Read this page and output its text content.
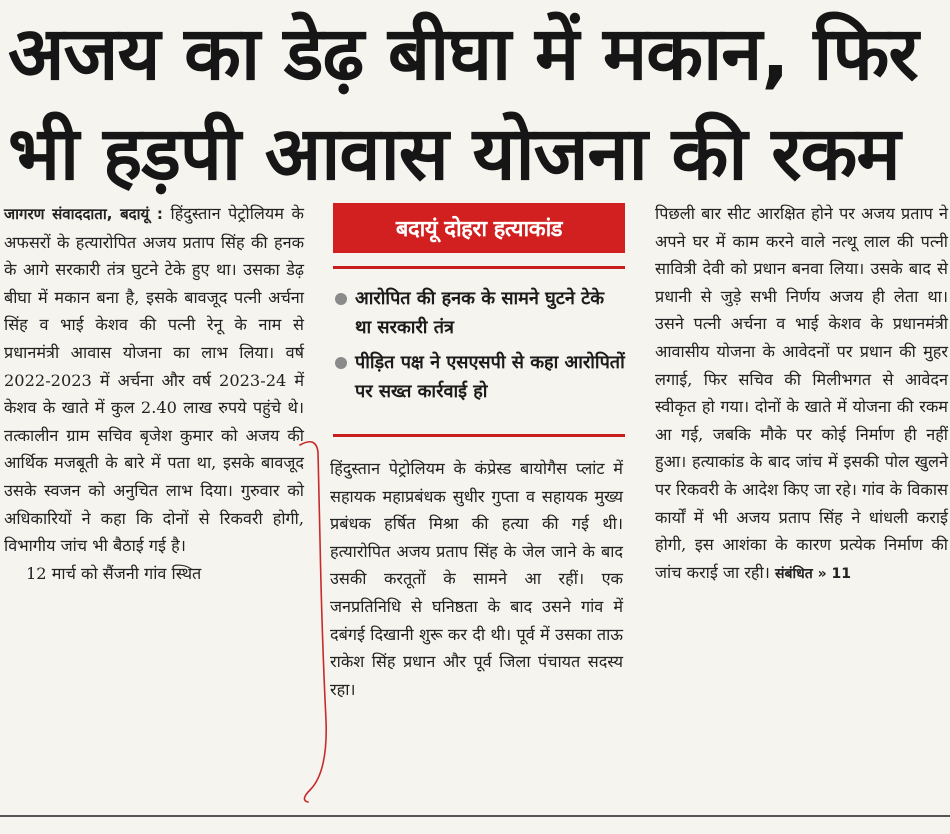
अजय का डेढ़ बीघा में मकान, फिर
भी हड़पी आवास योजना की रकम

जागरण संवाददाता, बदायूं : हिंदुस्तान पेट्रोलियम के अफसरों के हत्यारोपित अजय प्रताप सिंह की हनक के आगे सरकारी तंत्र घुटने टेके हुए था। उसका डेढ़ बीघा में मकान बना है, इसके बावजूद पत्नी अर्चना सिंह व भाई केशव की पत्नी रेनू के नाम से प्रधानमंत्री आवास योजना का लाभ लिया। वर्ष 2022-2023 में अर्चना और वर्ष 2023-24 में केशव के खाते में कुल 2.40 लाख रुपये पहुंचे थे। तत्कालीन ग्राम सचिव बृजेश कुमार को अजय की आर्थिक मजबूती के बारे में पता था, इसके बावजूद उसके स्वजन को अनुचित लाभ दिया। गुरुवार को अधिकारियों ने कहा कि दोनों से रिकवरी होगी, विभागीय जांच भी बैठाई गई है।

12 मार्च को सैंजनी गांव स्थित

बदायूं दोहरा हत्याकांड
आरोपित की हनक के सामने घुटने टेके था सरकारी तंत्र
पीड़ित पक्ष ने एसएसपी से कहा आरोपितों पर सख्त कार्रवाई हो

हिंदुस्तान पेट्रोलियम के कंप्रेस्ड बायोगैस प्लांट में सहायक महाप्रबंधक सुधीर गुप्ता व सहायक मुख्य प्रबंधक हर्षित मिश्रा की हत्या की गई थी। हत्यारोपित अजय प्रताप सिंह के जेल जाने के बाद उसकी करतूतों के सामने आ रहीं। एक जनप्रतिनिधि से घनिष्ठता के बाद उसने गांव में दबंगई दिखानी शुरू कर दी थी। पूर्व में उसका ताऊ राकेश सिंह प्रधान और पूर्व जिला पंचायत सदस्य रहा।

पिछली बार सीट आरक्षित होने पर अजय प्रताप ने अपने घर में काम करने वाले नत्थू लाल की पत्नी सावित्री देवी को प्रधान बनवा लिया। उसके बाद से प्रधानी से जुड़े सभी निर्णय अजय ही लेता था। उसने पत्नी अर्चना व भाई केशव के प्रधानमंत्री आवासीय योजना के आवेदनों पर प्रधान की मुहर लगाई, फिर सचिव की मिलीभगत से आवेदन स्वीकृत हो गया। दोनों के खाते में योजना की रकम आ गई, जबकि मौके पर कोई निर्माण ही नहीं हुआ। हत्याकांड के बाद जांच में इसकी पोल खुलने पर रिकवरी के आदेश किए जा रहे। गांव के विकास कार्यों में भी अजय प्रताप सिंह ने धांधली कराई होगी, इस आशंका के कारण प्रत्येक निर्माण की जांच कराई जा रही। संबंधित » 11
